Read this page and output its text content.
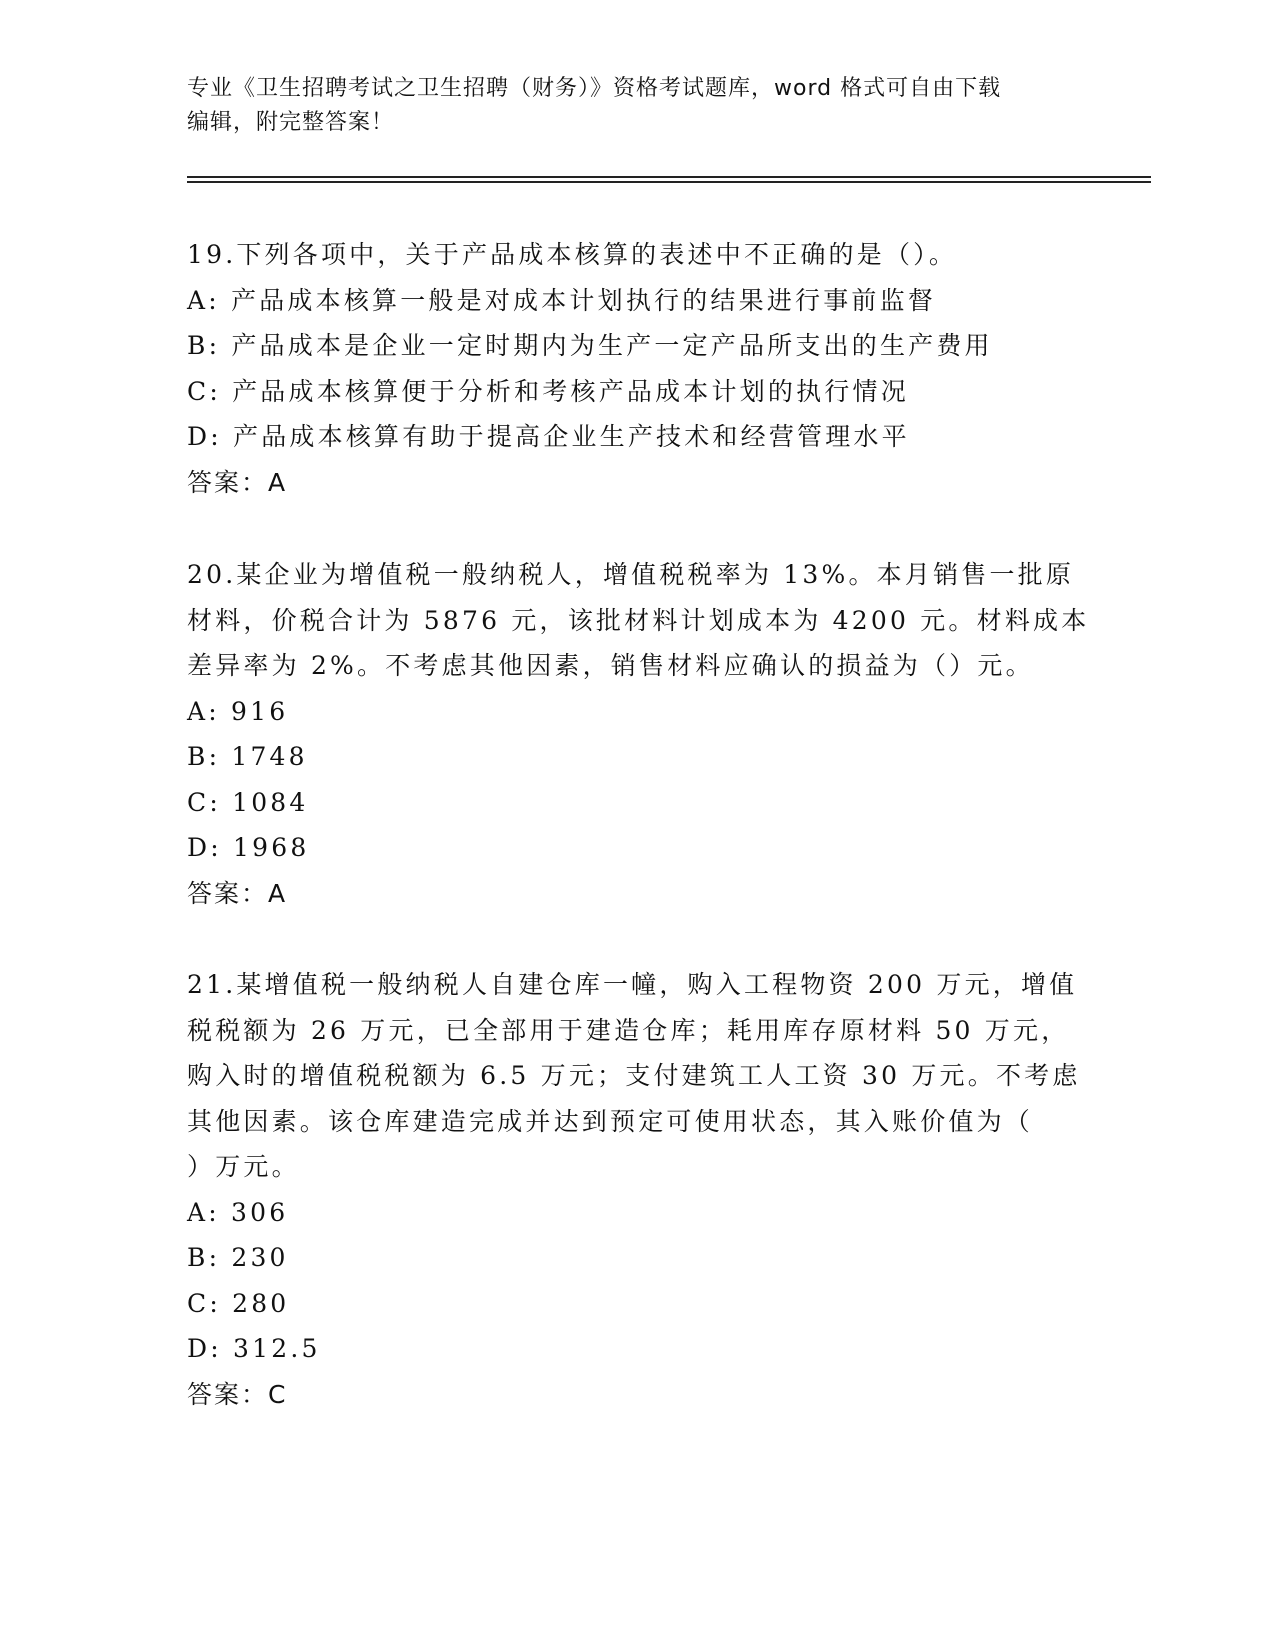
专业《卫生招聘考试之卫生招聘（财务）》资格考试题库，word 格式可自由下载
编辑，附完整答案！
19.下列各项中，关于产品成本核算的表述中不正确的是（）。
A: 产品成本核算一般是对成本计划执行的结果进行事前监督
B: 产品成本是企业一定时期内为生产一定产品所支出的生产费用
C: 产品成本核算便于分析和考核产品成本计划的执行情况
D: 产品成本核算有助于提高企业生产技术和经营管理水平
答案：A
20.某企业为增值税一般纳税人，增值税税率为 13%。本月销售一批原
材料，价税合计为 5876 元，该批材料计划成本为 4200 元。材料成本
差异率为 2%。不考虑其他因素，销售材料应确认的损益为（）元。
A: 916
B: 1748
C: 1084
D: 1968
答案：A
21.某增值税一般纳税人自建仓库一幢，购入工程物资 200 万元，增值
税税额为 26 万元，已全部用于建造仓库；耗用库存原材料 50 万元，
购入时的增值税税额为 6.5 万元；支付建筑工人工资 30 万元。不考虑
其他因素。该仓库建造完成并达到预定可使用状态，其入账价值为（
）万元。
A: 306
B: 230
C: 280
D: 312.5
答案：C
